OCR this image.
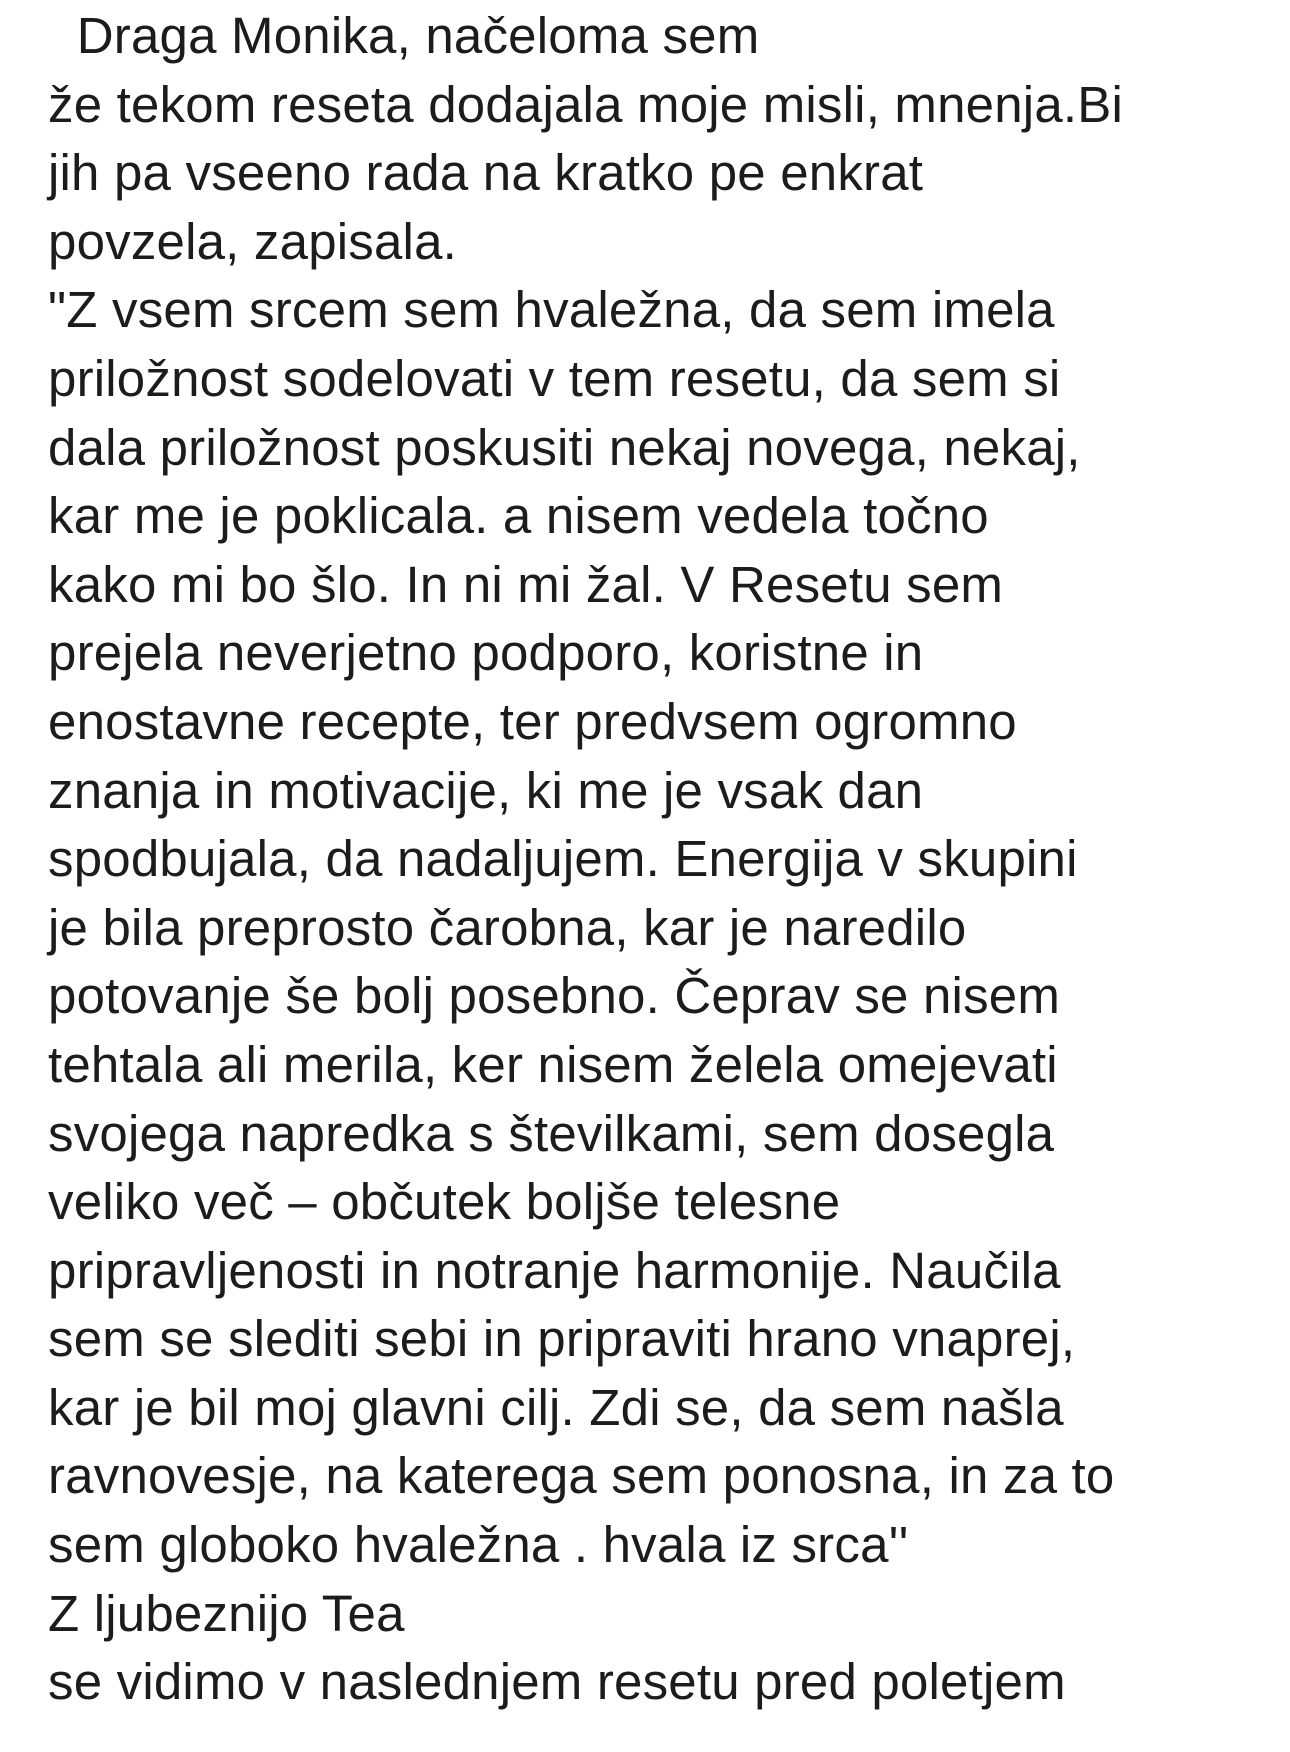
Draga Monika, načeloma sem
že tekom reseta dodajala moje misli, mnenja.Bi
jih pa vseeno rada na kratko pe enkrat
povzela, zapisala.
"Z vsem srcem sem hvaležna, da sem imela
priložnost sodelovati v tem resetu, da sem si
dala priložnost poskusiti nekaj novega, nekaj,
kar me je poklicala. a nisem vedela točno
kako mi bo šlo. In ni mi žal. V Resetu sem
prejela neverjetno podporo, koristne in
enostavne recepte, ter predvsem ogromno
znanja in motivacije, ki me je vsak dan
spodbujala, da nadaljujem. Energija v skupini
je bila preprosto čarobna, kar je naredilo
potovanje še bolj posebno. Čeprav se nisem
tehtala ali merila, ker nisem želela omejevati
svojega napredka s številkami, sem dosegla
veliko več – občutek boljše telesne
pripravljenosti in notranje harmonije. Naučila
sem se slediti sebi in pripraviti hrano vnaprej,
kar je bil moj glavni cilj. Zdi se, da sem našla
ravnovesje, na katerega sem ponosna, in za to
sem globoko hvaležna . hvala iz srca''
Z ljubeznijo Tea
se vidimo v naslednjem resetu pred poletjem
